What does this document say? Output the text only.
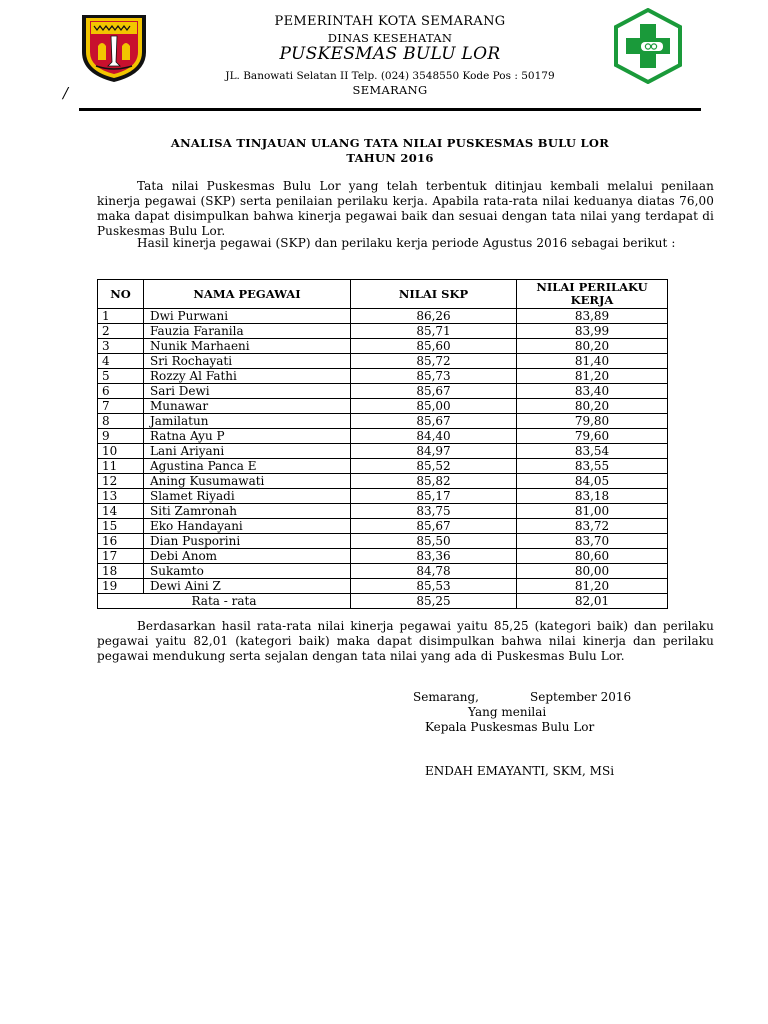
PEMERINTAH KOTA SEMARANG
DINAS KESEHATAN
PUSKESMAS BULU LOR
JL. Banowati Selatan II Telp. (024) 3548550 Kode Pos : 50179
SEMARANG
/
ANALISA TINJAUAN ULANG TATA NILAI PUSKESMAS BULU LOR
TAHUN 2016
Tata nilai Puskesmas Bulu Lor yang telah terbentuk ditinjau kembali melalui penilaan kinerja pegawai (SKP) serta penilaian perilaku kerja. Apabila rata-rata nilai keduanya diatas 76,00 maka dapat disimpulkan bahwa kinerja pegawai baik dan sesuai dengan tata nilai yang terdapat di Puskesmas Bulu Lor.
Hasil kinerja pegawai (SKP) dan perilaku kerja periode Agustus 2016 sebagai berikut :
NO	NAMA PEGAWAI	NILAI SKP	NILAI PERILAKU
KERJA

1	Dwi Purwani	86,26	83,89
2	Fauzia Faranila	85,71	83,99
3	Nunik Marhaeni	85,60	80,20
4	Sri Rochayati	85,72	81,40
5	Rozzy Al Fathi	85,73	81,20
6	Sari Dewi	85,67	83,40
7	Munawar	85,00	80,20
8	Jamilatun	85,67	79,80
9	Ratna Ayu P	84,40	79,60
10	Lani Ariyani	84,97	83,54
11	Agustina Panca E	85,52	83,55
12	Aning Kusumawati	85,82	84,05
13	Slamet Riyadi	85,17	83,18
14	Siti Zamronah	83,75	81,00
15	Eko Handayani	85,67	83,72
16	Dian Pusporini	85,50	83,70
17	Debi Anom	83,36	80,60
18	Sukamto	84,78	80,00
19	Dewi Aini Z	85,53	81,20
Rata - rata		85,25	82,01
Berdasarkan hasil rata-rata nilai kinerja pegawai yaitu 85,25 (kategori baik) dan perilaku pegawai yaitu 82,01 (kategori baik) maka dapat disimpulkan bahwa nilai kinerja dan perilaku pegawai mendukung serta sejalan dengan tata nilai yang ada di Puskesmas Bulu Lor.
Semarang,	September 2016
Yang menilai
Kepala Puskesmas Bulu Lor
ENDAH EMAYANTI, SKM, MSi
